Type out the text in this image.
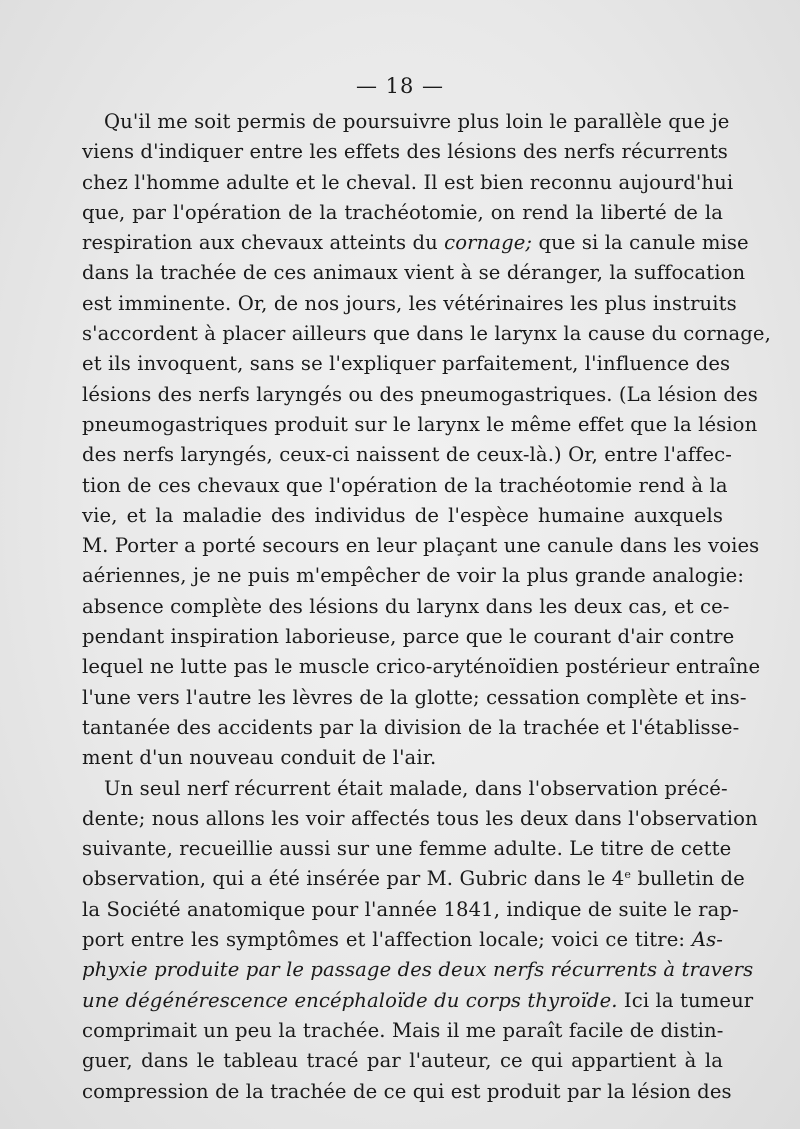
— 18 —
Qu'il me soit permis de poursuivre plus loin le parallèle que je
viens d'indiquer entre les effets des lésions des nerfs récurrents
chez l'homme adulte et le cheval. Il est bien reconnu aujourd'hui
que, par l'opération de la trachéotomie, on rend la liberté de la
respiration aux chevaux atteints du cornage; que si la canule mise
dans la trachée de ces animaux vient à se déranger, la suffocation
est imminente. Or, de nos jours, les vétérinaires les plus instruits
s'accordent à placer ailleurs que dans le larynx la cause du cornage,
et ils invoquent, sans se l'expliquer parfaitement, l'influence des
lésions des nerfs laryngés ou des pneumogastriques. (La lésion des
pneumogastriques produit sur le larynx le même effet que la lésion
des nerfs laryngés, ceux-ci naissent de ceux-là.) Or, entre l'affec-
tion de ces chevaux que l'opération de la trachéotomie rend à la
vie, et la maladie des individus de l'espèce humaine auxquels
M. Porter a porté secours en leur plaçant une canule dans les voies
aériennes, je ne puis m'empêcher de voir la plus grande analogie:
absence complète des lésions du larynx dans les deux cas, et ce-
pendant inspiration laborieuse, parce que le courant d'air contre
lequel ne lutte pas le muscle crico-aryténoïdien postérieur entraîne
l'une vers l'autre les lèvres de la glotte; cessation complète et ins-
tantanée des accidents par la division de la trachée et l'établisse-
ment d'un nouveau conduit de l'air.
Un seul nerf récurrent était malade, dans l'observation précé-
dente; nous allons les voir affectés tous les deux dans l'observation
suivante, recueillie aussi sur une femme adulte. Le titre de cette
observation, qui a été insérée par M. Gubric dans le 4e bulletin de
la Société anatomique pour l'année 1841, indique de suite le rap-
port entre les symptômes et l'affection locale; voici ce titre: As-
phyxie produite par le passage des deux nerfs récurrents à travers
une dégénérescence encéphaloïde du corps thyroïde. Ici la tumeur
comprimait un peu la trachée. Mais il me paraît facile de distin-
guer, dans le tableau tracé par l'auteur, ce qui appartient à la
compression de la trachée de ce qui est produit par la lésion des
